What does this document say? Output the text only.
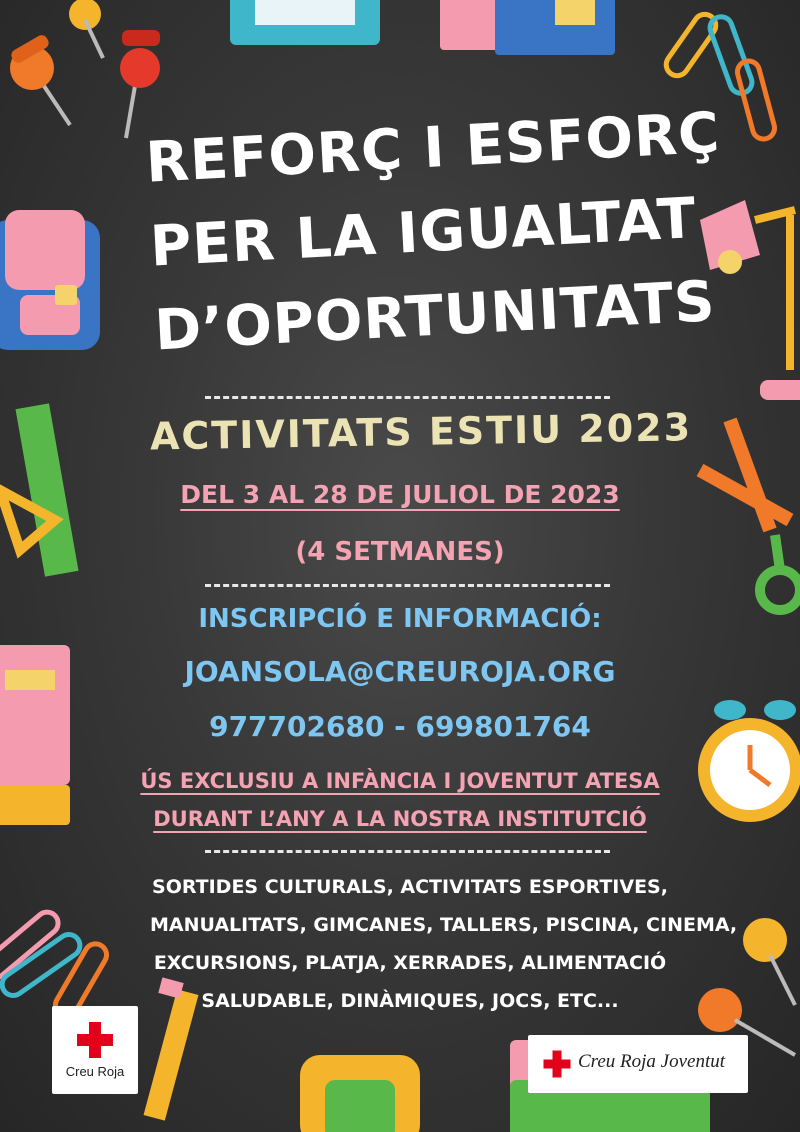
REFORÇ I ESFORÇ
PER LA IGUALTAT
D’OPORTUNITATS
ACTIVITATS ESTIU 2023
DEL 3 AL 28 DE JULIOL DE 2023
(4 SETMANES)
INSCRIPCIÓ E INFORMACIÓ:
JOANSOLA@CREUROJA.ORG
977702680 - 699801764
ÚS EXCLUSIU A INFÀNCIA I JOVENTUT ATESA
DURANT L’ANY A LA NOSTRA INSTITUTCIÓ
SORTIDES CULTURALS, ACTIVITATS ESPORTIVES,
MANUALITATS, GIMCANES, TALLERS, PISCINA, CINEMA,
EXCURSIONS, PLATJA, XERRADES, ALIMENTACIÓ
SALUDABLE, DINÀMIQUES, JOCS, ETC...
Creu Roja	Creu Roja Joventut
